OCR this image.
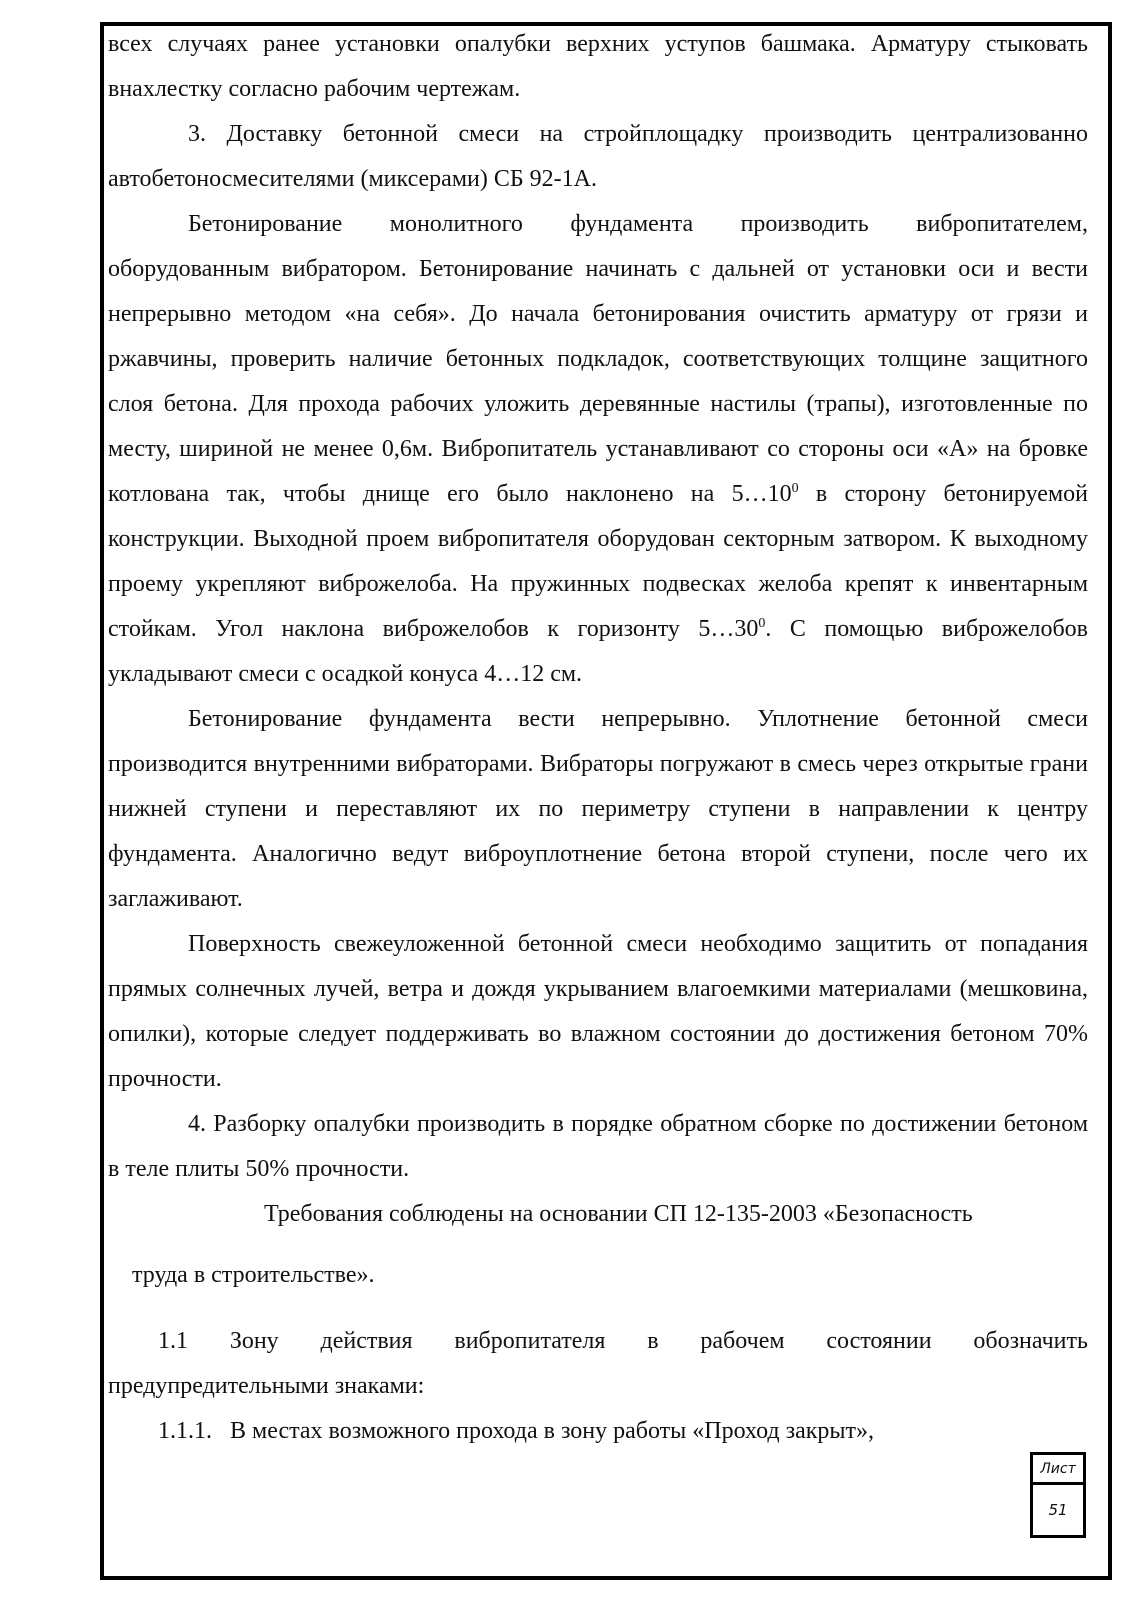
всех случаях ранее установки опалубки верхних уступов башмака. Арматуру стыковать внахлестку согласно рабочим чертежам.

3. Доставку бетонной смеси на стройплощадку производить централизованно автобетоносмесителями (миксерами) СБ 92-1А.

Бетонирование монолитного фундамента производить вибропитателем, оборудованным вибратором. Бетонирование начинать с дальней от установки оси и вести непрерывно методом «на себя». До начала бетонирования очистить арматуру от грязи и ржавчины, проверить наличие бетонных подкладок, соответствующих толщине защитного слоя бетона. Для прохода рабочих уложить деревянные настилы (трапы), изготовленные по месту, шириной не менее 0,6м. Вибропитатель устанавливают со стороны оси «А» на бровке котлована так, чтобы днище его было наклонено на $5\dots 10^0$ в сторону бетонируемой конструкции. Выходной проем вибропитателя оборудован секторным затвором. К выходному проему укрепляют виброжелоба. На пружинных подвесках желоба крепят к инвентарным стойкам. Угол наклона виброжелобов к горизонту $5\dots 30^0$. С помощью виброжелобов укладывают смеси с осадкой конуса 4…12 см.

Бетонирование фундамента вести непрерывно. Уплотнение бетонной смеси производится внутренними вибраторами. Вибраторы погружают в смесь через открытые грани нижней ступени и переставляют их по периметру ступени в направлении к центру фундамента. Аналогично ведут виброуплотнение бетона второй ступени, после чего их заглаживают.

Поверхность свежеуложенной бетонной смеси необходимо защитить от попадания прямых солнечных лучей, ветра и дождя укрыванием влагоемкими материалами (мешковина, опилки), которые следует поддерживать во влажном состоянии до достижения бетоном 70% прочности.

4. Разборку опалубки производить в порядке обратном сборке по достижении бетоном в теле плиты 50% прочности.

Требования соблюдены на основании СП 12-135-2003 «Безопасность

труда в строительстве».

1.1 Зону действия вибропитателя в рабочем состоянии обозначить

предупредительными знаками:

1.1.1. В местах возможного прохода в зону работы «Проход закрыт»,

Лист
51
